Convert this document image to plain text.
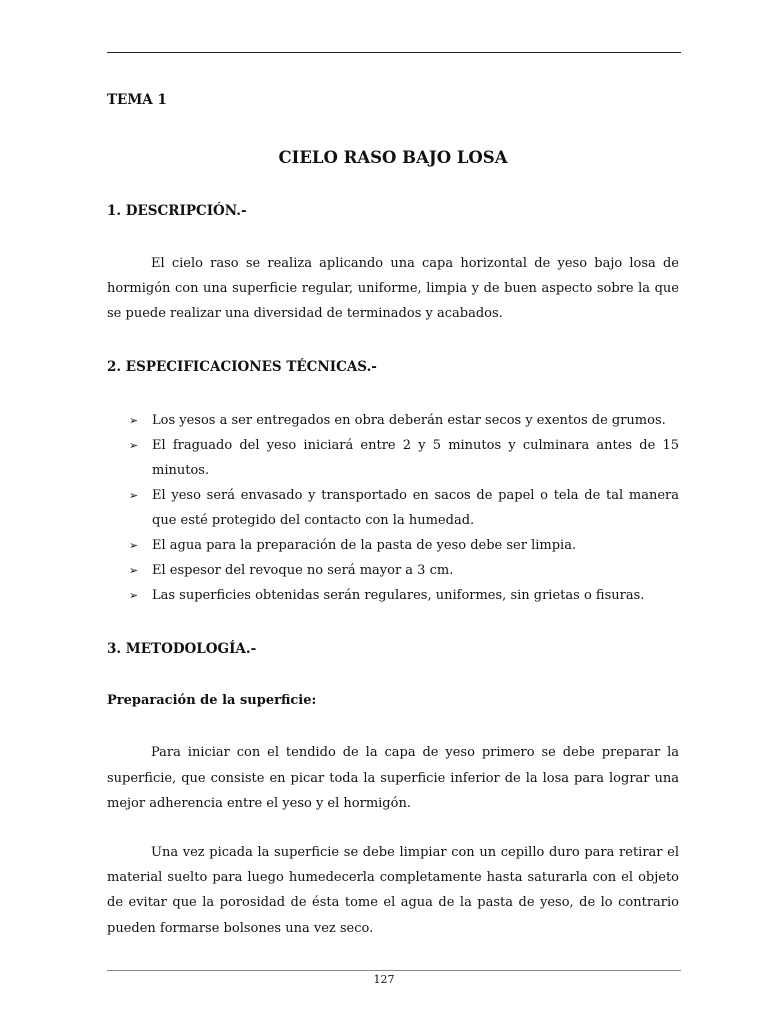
TEMA 1
CIELO RASO BAJO LOSA
1. DESCRIPCIÓN.-

El cielo raso se realiza aplicando una capa horizontal de yeso bajo losa de hormigón con una superficie regular, uniforme, limpia y de buen aspecto sobre la que se puede realizar una diversidad de terminados y acabados.

2. ESPECIFICACIONES TÉCNICAS.-
➢ Los yesos a ser entregados en obra deberán estar secos y exentos de grumos.
➢ El fraguado del yeso iniciará entre 2 y 5 minutos y culminara antes de 15 minutos.
➢ El yeso será envasado y transportado en sacos de papel o tela de tal manera que esté protegido del contacto con la humedad.
➢ El agua para la preparación de la pasta de yeso debe ser limpia.
➢ El espesor del revoque no será mayor a 3 cm.
➢ Las superficies obtenidas serán regulares, uniformes, sin grietas o fisuras.
3. METODOLOGÍA.-
Preparación de la superficie:

Para iniciar con el tendido de la capa de yeso primero se debe preparar la superficie, que consiste en picar toda la superficie inferior de la losa para lograr una mejor adherencia entre el yeso y el hormigón.

Una vez picada la superficie se debe limpiar con un cepillo duro para retirar el material suelto para luego humedecerla completamente hasta saturarla con el objeto de evitar que la porosidad de ésta tome el agua de la pasta de yeso, de lo contrario pueden formarse bolsones una vez seco.

127
